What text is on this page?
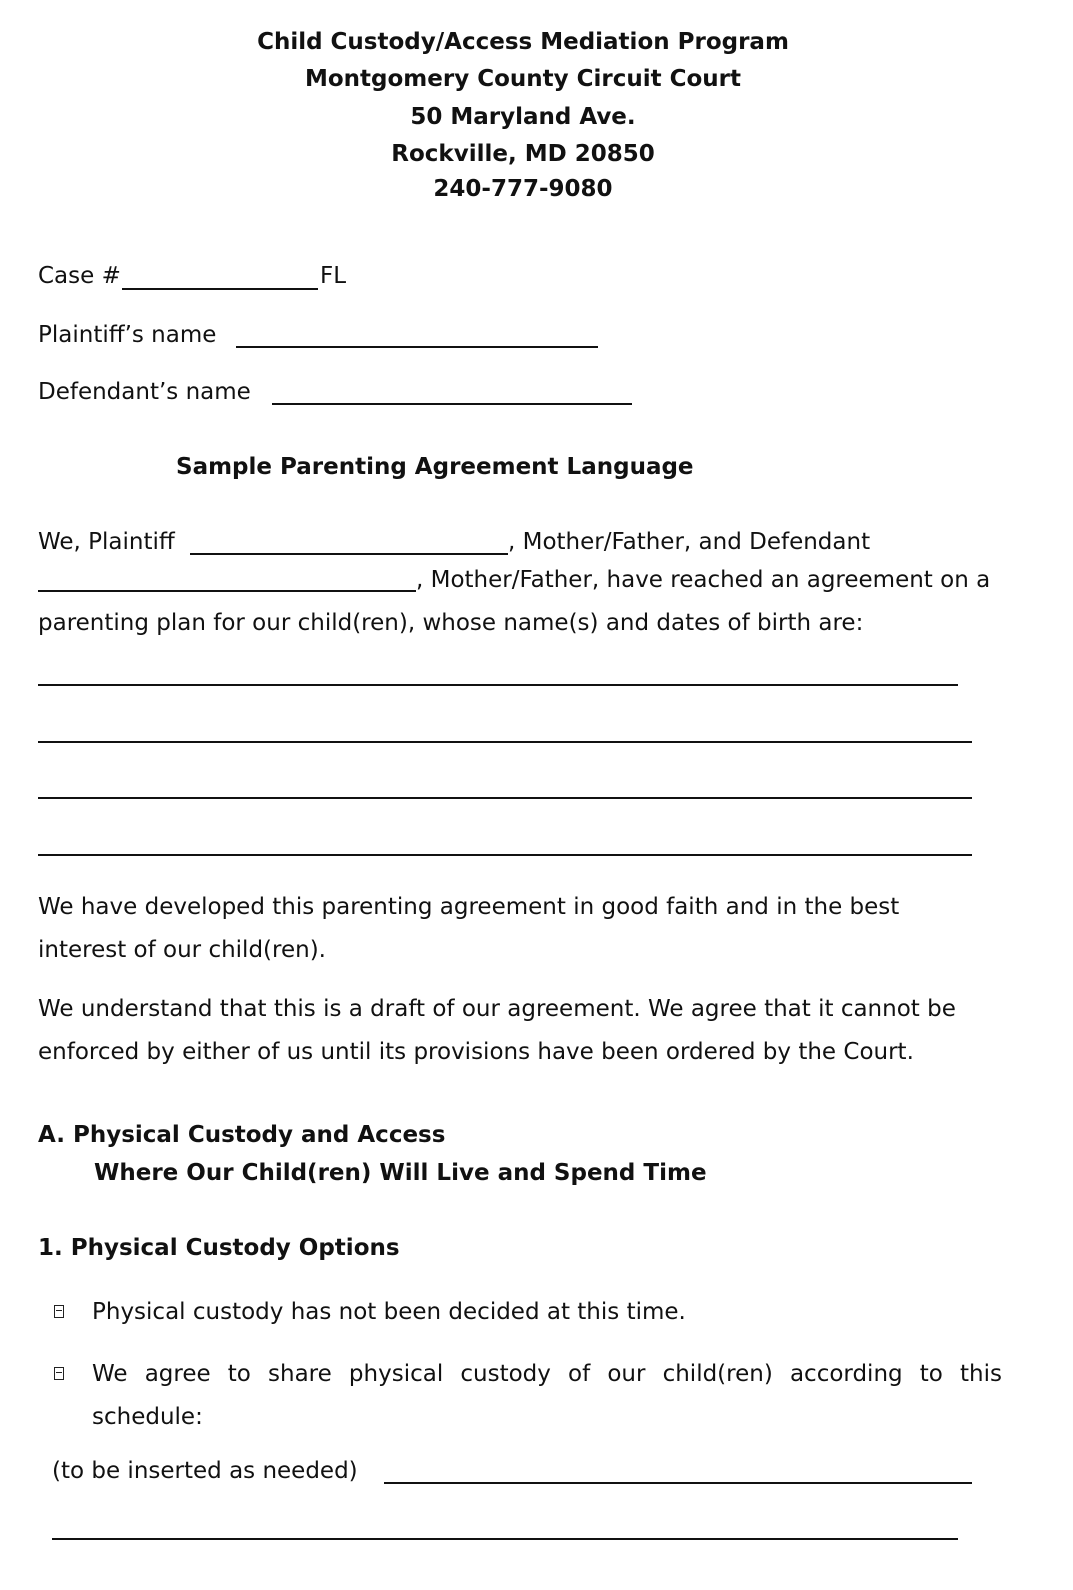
Child Custody/Access Mediation Program
Montgomery County Circuit Court
50 Maryland Ave.
Rockville, MD 20850
240-777-9080
Case #	FL
Plaintiff’s name
Defendant’s name
Sample Parenting Agreement Language
We, Plaintiff	, Mother/Father, and Defendant
, Mother/Father, have reached an agreement on a
parenting plan for our child(ren), whose name(s) and dates of birth are:
We have developed this parenting agreement in good faith and in the best
interest of our child(ren).
We understand that this is a draft of our agreement. We agree that it cannot be
enforced by either of us until its provisions have been ordered by the Court.
A. Physical Custody and Access
Where Our Child(ren) Will Live and Spend Time
1. Physical Custody Options
Physical custody has not been decided at this time.
We agree to share physical custody of our child(ren) according to this
schedule:
(to be inserted as needed)
